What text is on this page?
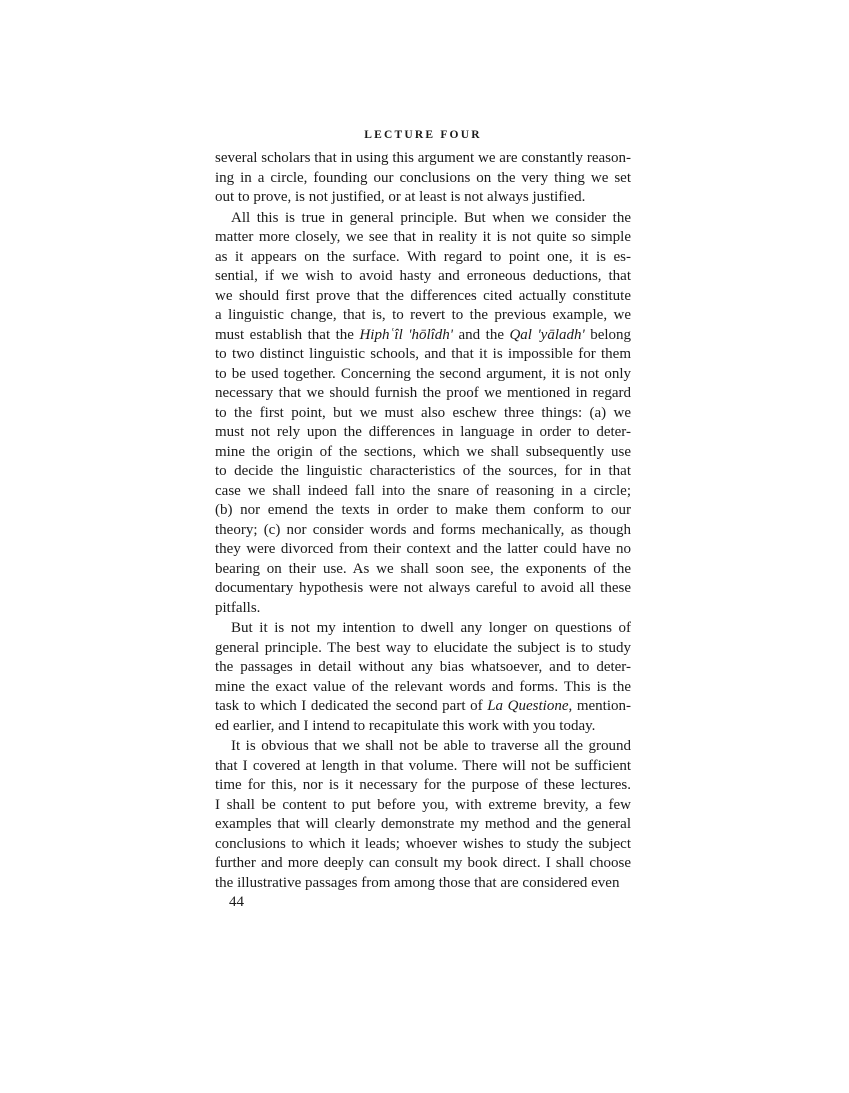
LECTURE FOUR
several scholars that in using this argument we are constantly reason-
ing in a circle, founding our conclusions on the very thing we set
out to prove, is not justified, or at least is not always justified.
All this is true in general principle. But when we consider the
matter more closely, we see that in reality it is not quite so simple
as it appears on the surface. With regard to point one, it is es-
sential, if we wish to avoid hasty and erroneous deductions, that
we should first prove that the differences cited actually constitute
a linguistic change, that is, to revert to the previous example, we
must establish that the Hiphʿîl 'hōlîdh' and the Qal 'yāladh' belong
to two distinct linguistic schools, and that it is impossible for them
to be used together. Concerning the second argument, it is not only
necessary that we should furnish the proof we mentioned in regard
to the first point, but we must also eschew three things: (a) we
must not rely upon the differences in language in order to deter-
mine the origin of the sections, which we shall subsequently use
to decide the linguistic characteristics of the sources, for in that
case we shall indeed fall into the snare of reasoning in a circle;
(b) nor emend the texts in order to make them conform to our
theory; (c) nor consider words and forms mechanically, as though
they were divorced from their context and the latter could have no
bearing on their use. As we shall soon see, the exponents of the
documentary hypothesis were not always careful to avoid all these
pitfalls.
But it is not my intention to dwell any longer on questions of
general principle. The best way to elucidate the subject is to study
the passages in detail without any bias whatsoever, and to deter-
mine the exact value of the relevant words and forms. This is the
task to which I dedicated the second part of La Questione, mention-
ed earlier, and I intend to recapitulate this work with you today.
It is obvious that we shall not be able to traverse all the ground
that I covered at length in that volume. There will not be sufficient
time for this, nor is it necessary for the purpose of these lectures.
I shall be content to put before you, with extreme brevity, a few
examples that will clearly demonstrate my method and the general
conclusions to which it leads; whoever wishes to study the subject
further and more deeply can consult my book direct. I shall choose
the illustrative passages from among those that are considered even
44
